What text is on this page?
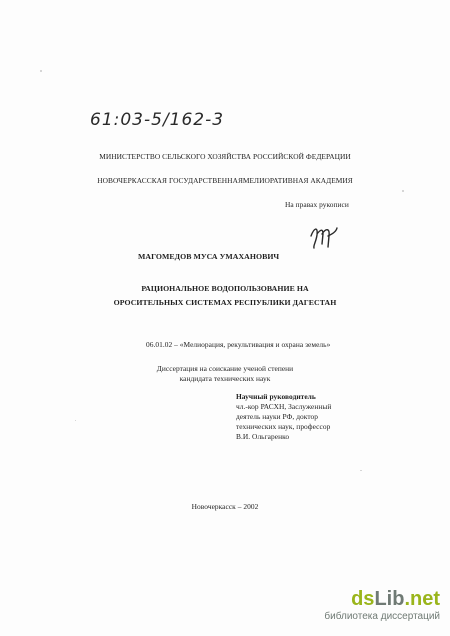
61:03-5/162-3
МИНИСТЕРСТВО СЕЛЬСКОГО ХОЗЯЙСТВА РОССИЙСКОЙ ФЕДЕРАЦИИ
НОВОЧЕРКАССКАЯ ГОСУДАРСТВЕННАЯМЕЛИОРАТИВНАЯ АКАДЕМИЯ
На правах рукописи
МАГОМЕДОВ МУСА УМАХАНОВИЧ
РАЦИОНАЛЬНОЕ ВОДОПОЛЬЗОВАНИЕ НА
ОРОСИТЕЛЬНЫХ СИСТЕМАХ РЕСПУБЛИКИ ДАГЕСТАН
06.01.02 – «Мелиорация, рекультивация и охрана земель»
Диссертация на соискание ученой степени
кандидата технических наук
Научный руководитель
чл.-кор РАСХН, Заслуженный
деятель науки РФ, доктор
технических наук, профессор
В.И. Ольгаренко
Новочеркасск – 2002
dsLib.net
библиотека диссертаций
